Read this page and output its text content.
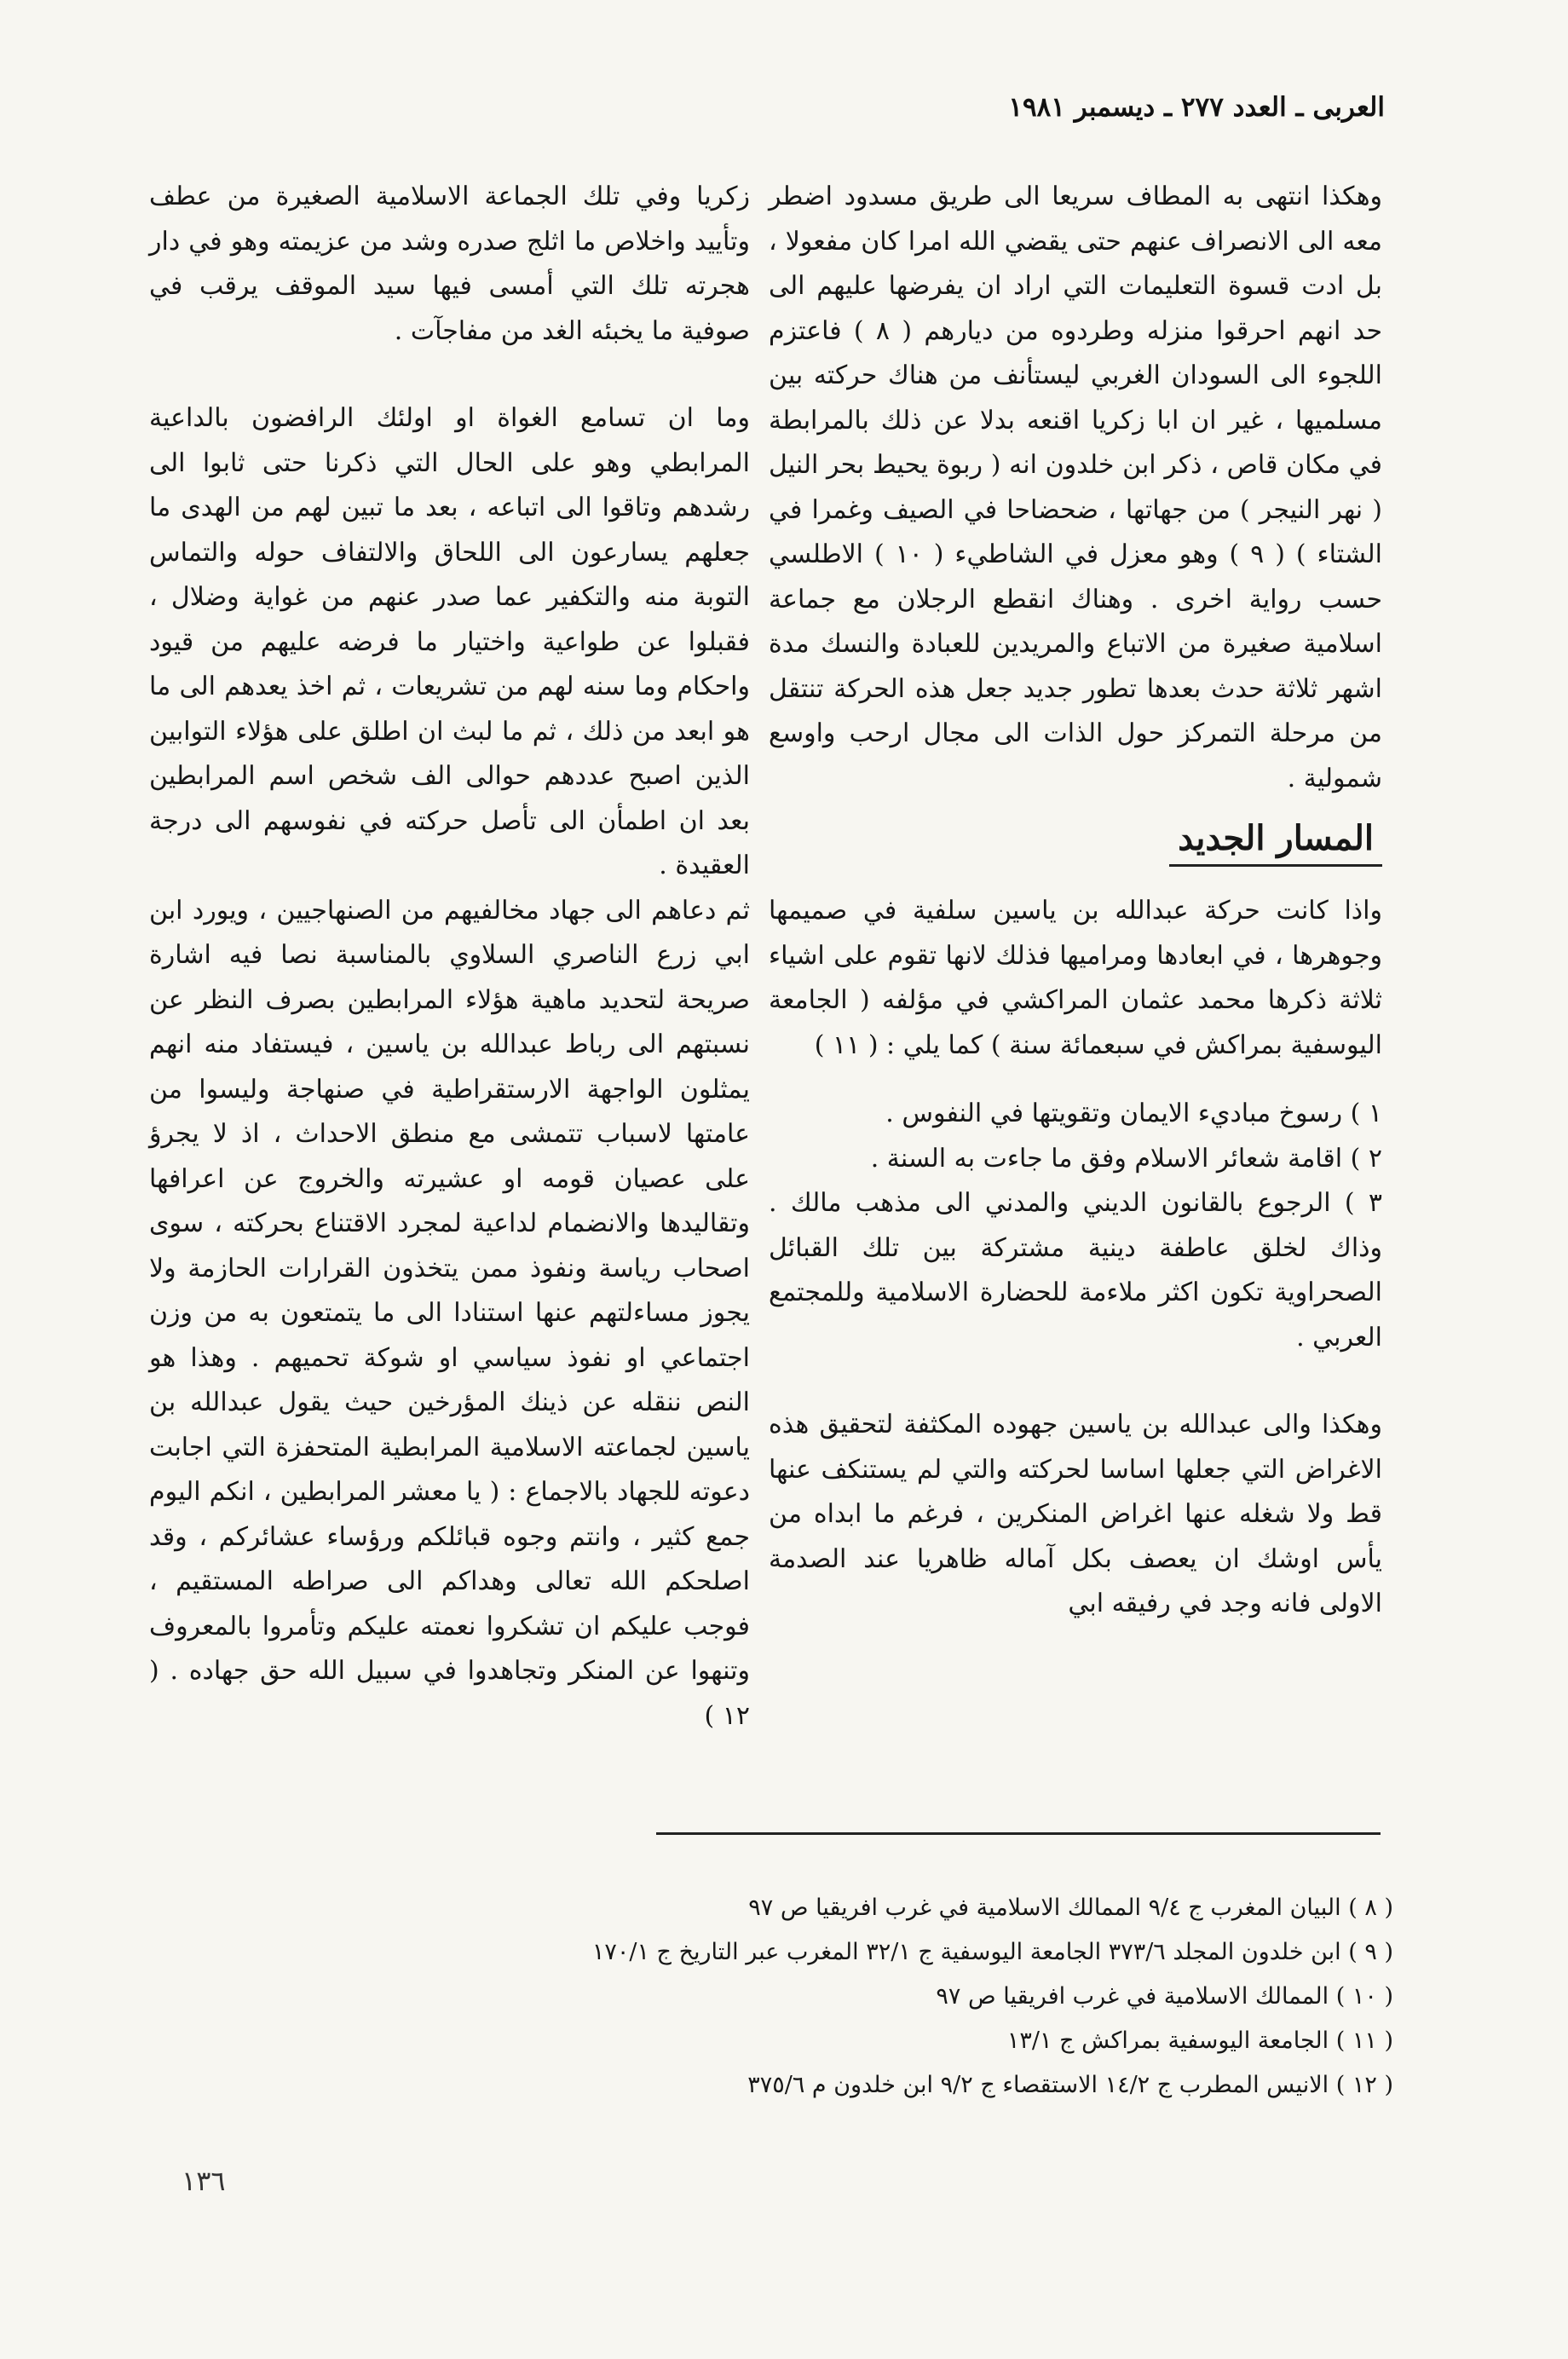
العربى ـ العدد ٢٧٧ ـ ديسمبر ١٩٨١

وهكذا انتهى به المطاف سريعا الى طريق مسدود اضطر معه الى الانصراف عنهم حتى يقضي الله امرا كان مفعولا ، بل ادت قسوة التعليمات التي اراد ان يفرضها عليهم الى حد انهم احرقوا منزله وطردوه من ديارهم ( ٨ ) فاعتزم اللجوء الى السودان الغربي ليستأنف من هناك حركته بين مسلميها ، غير ان ابا زكريا اقنعه بدلا عن ذلك بالمرابطة في مكان قاص ، ذكر ابن خلدون انه ( ربوة يحيط بحر النيل ( نهر النيجر ) من جهاتها ، ضحضاحا في الصيف وغمرا في الشتاء ) ( ٩ ) وهو معزل في الشاطيء ( ١٠ ) الاطلسي حسب رواية اخرى . وهناك انقطع الرجلان مع جماعة اسلامية صغيرة من الاتباع والمريدين للعبادة والنسك مدة اشهر ثلاثة حدث بعدها تطور جديد جعل هذه الحركة تنتقل من مرحلة التمركز حول الذات الى مجال ارحب واوسع شمولية .

المسار الجديد

واذا كانت حركة عبدالله بن ياسين سلفية في صميمها وجوهرها ، في ابعادها ومراميها فذلك لانها تقوم على اشياء ثلاثة ذكرها محمد عثمان المراكشي في مؤلفه ( الجامعة اليوسفية بمراكش في سبعمائة سنة ) كما يلي : ( ١١ )

١ ) رسوخ مباديء الايمان وتقويتها في النفوس .

٢ ) اقامة شعائر الاسلام وفق ما جاءت به السنة .

٣ ) الرجوع بالقانون الديني والمدني الى مذهب مالك . وذاك لخلق عاطفة دينية مشتركة بين تلك القبائل الصحراوية تكون اكثر ملاءمة للحضارة الاسلامية وللمجتمع العربي .

وهكذا والى عبدالله بن ياسين جهوده المكثفة لتحقيق هذه الاغراض التي جعلها اساسا لحركته والتي لم يستنكف عنها قط ولا شغله عنها اغراض المنكرين ، فرغم ما ابداه من يأس اوشك ان يعصف بكل آماله ظاهريا عند الصدمة الاولى فانه وجد في رفيقه ابي

زكريا وفي تلك الجماعة الاسلامية الصغيرة من عطف وتأييد واخلاص ما اثلج صدره وشد من عزيمته وهو في دار هجرته تلك التي أمسى فيها سيد الموقف يرقب في صوفية ما يخبئه الغد من مفاجآت .

وما ان تسامع الغواة او اولئك الرافضون بالداعية المرابطي وهو على الحال التي ذكرنا حتى ثابوا الى رشدهم وتاقوا الى اتباعه ، بعد ما تبين لهم من الهدى ما جعلهم يسارعون الى اللحاق والالتفاف حوله والتماس التوبة منه والتكفير عما صدر عنهم من غواية وضلال ، فقبلوا عن طواعية واختيار ما فرضه عليهم من قيود واحكام وما سنه لهم من تشريعات ، ثم اخذ يعدهم الى ما هو ابعد من ذلك ، ثم ما لبث ان اطلق على هؤلاء التوابين الذين اصبح عددهم حوالى الف شخص اسم المرابطين بعد ان اطمأن الى تأصل حركته في نفوسهم الى درجة العقيدة .

ثم دعاهم الى جهاد مخالفيهم من الصنهاجيين ، ويورد ابن ابي زرع الناصري السلاوي بالمناسبة نصا فيه اشارة صريحة لتحديد ماهية هؤلاء المرابطين بصرف النظر عن نسبتهم الى رباط عبدالله بن ياسين ، فيستفاد منه انهم يمثلون الواجهة الارستقراطية في صنهاجة وليسوا من عامتها لاسباب تتمشى مع منطق الاحداث ، اذ لا يجرؤ على عصيان قومه او عشيرته والخروج عن اعرافها وتقاليدها والانضمام لداعية لمجرد الاقتناع بحركته ، سوى اصحاب رياسة ونفوذ ممن يتخذون القرارات الحازمة ولا يجوز مساءلتهم عنها استنادا الى ما يتمتعون به من وزن اجتماعي او نفوذ سياسي او شوكة تحميهم . وهذا هو النص ننقله عن ذينك المؤرخين حيث يقول عبدالله بن ياسين لجماعته الاسلامية المرابطية المتحفزة التي اجابت دعوته للجهاد بالاجماع : ( يا معشر المرابطين ، انكم اليوم جمع كثير ، وانتم وجوه قبائلكم ورؤساء عشائركم ، وقد اصلحكم الله تعالى وهداكم الى صراطه المستقيم ، فوجب عليكم ان تشكروا نعمته عليكم وتأمروا بالمعروف وتنهوا عن المنكر وتجاهدوا في سبيل الله حق جهاده . ( ١٢ )

( ٨ ) البيان المغرب ج ٩/٤ الممالك الاسلامية في غرب افريقيا ص ٩٧

( ٩ ) ابن خلدون المجلد ٣٧٣/٦ الجامعة اليوسفية ج ٣٢/١ المغرب عبر التاريخ ج ١٧٠/١

( ١٠ ) الممالك الاسلامية في غرب افريقيا ص ٩٧

( ١١ ) الجامعة اليوسفية بمراكش ج ١٣/١

( ١٢ ) الانيس المطرب ج ١٤/٢ الاستقصاء ج ٩/٢ ابن خلدون م ٣٧٥/٦

١٣٦
